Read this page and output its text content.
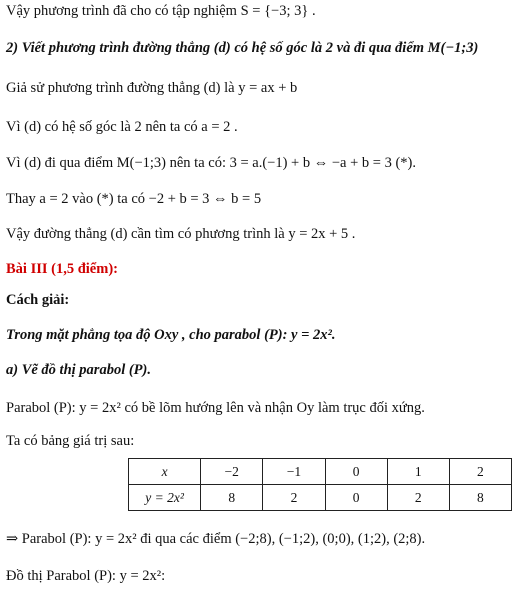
Vậy phương trình đã cho có tập nghiệm S = {−3; 3} .
2) Viết phương trình đường thẳng (d) có hệ số góc là 2 và đi qua điểm M(−1;3)
Giả sử phương trình đường thẳng (d) là y = ax + b
Vì (d) có hệ số góc là 2 nên ta có a = 2 .
Vì (d) đi qua điểm M(−1;3) nên ta có: 3 = a.(−1) + b ⇔ −a + b = 3 (*).
Thay a = 2 vào (*) ta có −2 + b = 3 ⇔ b = 5
Vậy đường thẳng (d) cần tìm có phương trình là y = 2x + 5 .
Bài III (1,5 điểm):
Cách giải:
Trong mặt phẳng tọa độ Oxy , cho parabol (P): y = 2x².
a) Vẽ đồ thị parabol (P).
Parabol (P): y = 2x² có bề lõm hướng lên và nhận Oy làm trục đối xứng.
Ta có bảng giá trị sau:
x	−2	−1	0	1	2
y = 2x²	8	2	0	2	8
⇒ Parabol (P): y = 2x² đi qua các điểm (−2;8), (−1;2), (0;0), (1;2), (2;8).
Đồ thị Parabol (P): y = 2x²:
